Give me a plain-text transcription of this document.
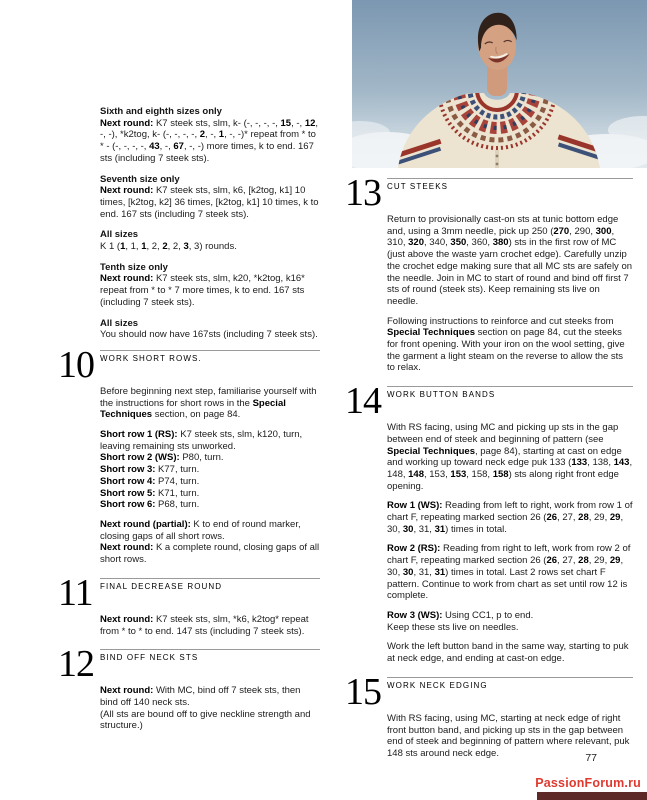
Sixth and eighth sizes only

Next round: K7 steek sts, slm, k- (-, -, -, -, 15, -, 12, -, -), *k2tog, k- (-, -, -, -, 2, -, 1, -, -)* repeat from * to * - (-, -, -, -, 43, -, 67, -, -) more times, k to end. 167 sts (including 7 steek sts).

Seventh size only

Next round: K7 steek sts, slm, k6, [k2tog, k1] 10 times, [k2tog, k2] 36 times, [k2tog, k1] 10 times, k to end. 167 sts (including 7 steek sts).

All sizes

K 1 (1, 1, 1, 2, 2, 2, 3, 3) rounds.

Tenth size only

Next round: K7 steek sts, slm, k20, *k2tog, k16* repeat from * to * 7 more times, k to end. 167 sts (including 7 steek sts).

All sizes

You should now have 167sts (including 7 steek sts).

10 WORK SHORT ROWS.

Before beginning next step, familiarise yourself with the instructions for short rows in the Special Techniques section, on page 84.

Short row 1 (RS): K7 steek sts, slm, k120, turn, leaving remaining sts unworked.
Short row 2 (WS): P80, turn.
Short row 3: K77, turn.
Short row 4: P74, turn.
Short row 5: K71, turn.
Short row 6: P68, turn.

Next round (partial): K to end of round marker, closing gaps of all short rows.
Next round: K a complete round, closing gaps of all short rows.

11 FINAL DECREASE ROUND

Next round: K7 steek sts, slm, *k6, k2tog* repeat from * to * to end. 147 sts (including 7 steek sts).

12 BIND OFF NECK STS

Next round: With MC, bind off 7 steek sts, then bind off 140 neck sts.
(All sts are bound off to give neckline strength and structure.)

13 CUT STEEKS

Return to provisionally cast-on sts at tunic bottom edge and, using a 3mm needle, pick up 250 (270, 290, 300, 310, 320, 340, 350, 360, 380) sts in the first row of MC (just above the waste yarn crochet edge). Carefully unzip the crochet edge making sure that all MC sts are safely on the needle. Join in MC to start of round and bind off first 7 sts of round (steek sts). Keep remaining sts live on needle.

Following instructions to reinforce and cut steeks from Special Techniques section on page 84, cut the steeks for front opening. With your iron on the wool setting, give the garment a light steam on the reverse to allow the sts to relax.

14 WORK BUTTON BANDS

With RS facing, using MC and picking up sts in the gap between end of steek and beginning of pattern (see Special Techniques, page 84), starting at cast on edge and working up toward neck edge puk 133 (133, 138, 143, 148, 148, 153, 153, 158, 158) sts along right front edge opening.

Row 1 (WS): Reading from left to right, work from row 1 of chart F, repeating marked section 26 (26, 27, 28, 29, 29, 30, 30, 31, 31) times in total.

Row 2 (RS): Reading from right to left, work from row 2 of chart F, repeating marked section 26 (26, 27, 28, 29, 29, 30, 30, 31, 31) times in total. Last 2 rows set chart F pattern. Continue to work from chart as set until row 12 is complete.

Row 3 (WS): Using CC1, p to end.
Keep these sts live on needles.

Work the left button band in the same way, starting to puk at neck edge, and ending at cast-on edge.

15 WORK NECK EDGING

With RS facing, using MC, starting at neck edge of right front button band, and picking up sts in the gap between end of steek and beginning of pattern where relevant, puk 148 sts around neck edge.	77
PassionForum.ru
